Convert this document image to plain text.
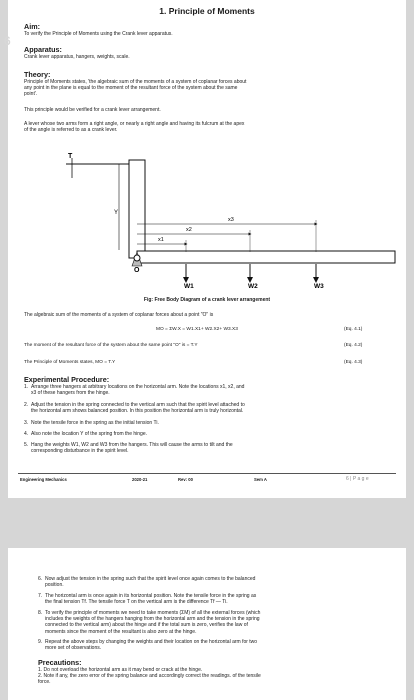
6
1. Principle of Moments
Aim:
To verify the Principle of Moments using the Crank lever apparatus.
Apparatus:
Crank lever apparatus, hangers, weights, scale.
Theory:
Principle of Moments states, 'the algebraic sum of the moments of a system of coplanar forces about
any point in the plane is equal to the moment of the resultant force of the system about the same
point'.
This principle would be verified for a crank lever arrangement.
A lever whose two arms form a right angle, or nearly a right angle and having its fulcrum at the apex
of the angle is referred to as a crank lever.
T
Y
O
x1
x2
x3
W1	W2	W3
Fig: Free Body Diagram of a crank lever arrangement
The algebraic sum of the moments of a system of coplanar forces about a point "O" is
MO = ΣW.X = W1.X1+ W2.X2+ W3.X3	(Eq. 4.1)
The moment of the resultant force of the system about the same point "O" is = T.Y	(Eq. 4.2)
The Principle of Moments states, MO = T.Y	(Eq. 4.3)
Experimental Procedure:
1. Arrange three hangers at arbitrary locations on the horizontal arm. Note the locations x1, x2, and
x3 of these hangers from the hinge.
2. Adjust the tension in the spring connected to the vertical arm such that the spirit level attached to
the horizontal arm shows balanced position. In this position the horizontal arm is truly horizontal.
3. Note the tensile force in the spring as the initial tension Ti.
4. Also note the location Y of the spring from the hinge.
5. Hang the weights W1, W2 and W3 from the hangers. This will cause the arms to tilt and the
corresponding disturbance in the spirit level.
Engineering Mechanics	2020-21	Rev: 00	Sem A	6 | P a g e
6. Now adjust the tension in the spring such that the spirit level once again comes to the balanced
position.
7. The horizontal arm is once again in its horizontal position. Note the tensile force in the spring as
the final tension Tf. The tensile force T on the vertical arm is the difference Tf — Ti.
8. To verify the principle of moments we need to take moments (ΣM) of all the external forces (which
includes the weights of the hangers hanging from the horizontal arm and the tension in the spring
connected to the vertical arm) about the hinge and if the total sum is zero, verifies the law of
moments since the moment of the resultant is also zero at the hinge.
9. Repeat the above steps by changing the weights and their location on the horizontal arm for two
more set of observations.
Precautions:
1. Do not overload the horizontal arm as it may bend or crack at the hinge.
2. Note if any, the zero error of the spring balance and accordingly correct the readings. of the tensile
force.
